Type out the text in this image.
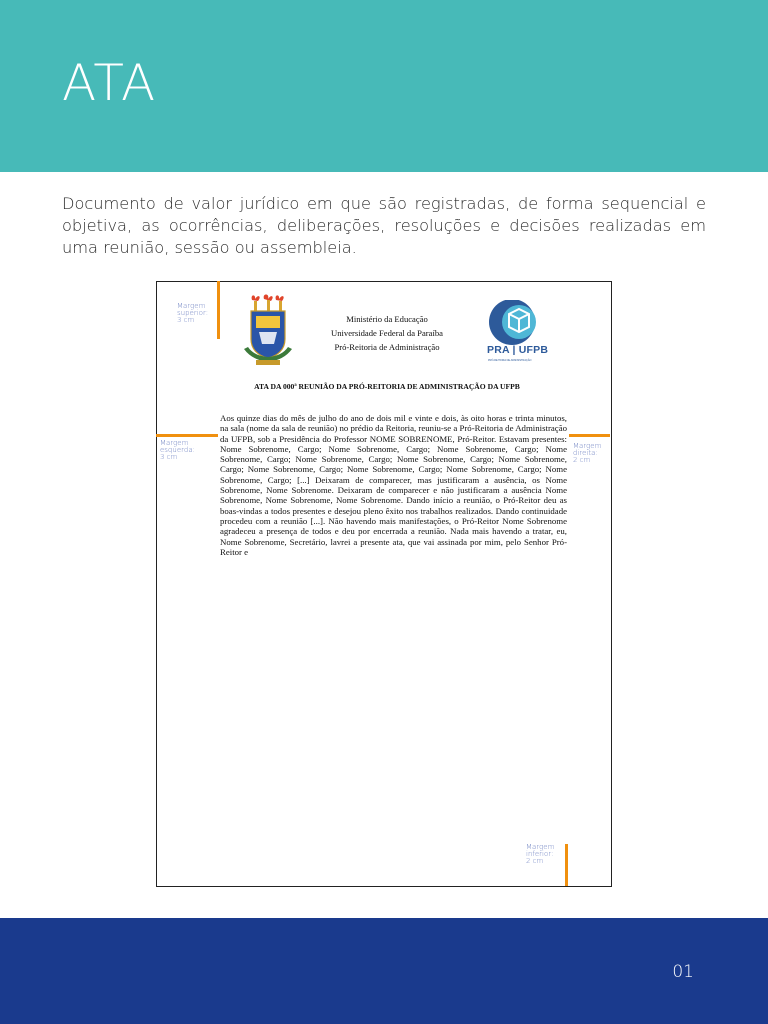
ATA
Documento de valor jurídico em que são registradas, de forma sequencial e objetiva, as ocorrências, deliberações, resoluções e decisões realizadas em uma reunião, sessão ou assembleia.
Ministério da Educação
Universidade Federal da Paraíba
Pró-Reitoria de Administração	PRA | UFPB
PRÓ-REITORIA DE ADMINISTRAÇÃO
ATA DA 000ª REUNIÃO DA PRÓ-REITORIA DE ADMINISTRAÇÃO DA UFPB
Aos quinze dias do mês de julho do ano de dois mil e vinte e dois, às oito horas e trinta minutos, na sala (nome da sala de reunião) no prédio da Reitoria, reuniu-se a Pró-Reitoria de Administração da UFPB, sob a Presidência do Professor NOME SOBRENOME, Pró-Reitor. Estavam presentes: Nome Sobrenome, Cargo; Nome Sobrenome, Cargo; Nome Sobrenome, Cargo; Nome Sobrenome, Cargo; Nome Sobrenome, Cargo; Nome Sobrenome, Cargo; Nome Sobrenome, Cargo; Nome Sobrenome, Cargo; Nome Sobrenome, Cargo; Nome Sobrenome, Cargo; Nome Sobrenome, Cargo; [...] Deixaram de comparecer, mas justificaram a ausência, os Nome Sobrenome, Nome Sobrenome. Deixaram de comparecer e não justificaram a ausência Nome Sobrenome, Nome Sobrenome, Nome Sobrenome. Dando início a reunião, o Pró-Reitor deu as boas-vindas a todos presentes e desejou pleno êxito nos trabalhos realizados. Dando continuidade procedeu com a reunião [...]. Não havendo mais manifestações, o Pró-Reitor Nome Sobrenome agradeceu a presença de todos e deu por encerrada a reunião. Nada mais havendo a tratar, eu, Nome Sobrenome, Secretário, lavrei a presente ata, que vai assinada por mim, pelo Senhor Pró-Reitor e
Margem
superior:
3 cm
Margem
esquerda:
3 cm
Margem
direita:
2 cm
Margem
inferior:
2 cm
01
